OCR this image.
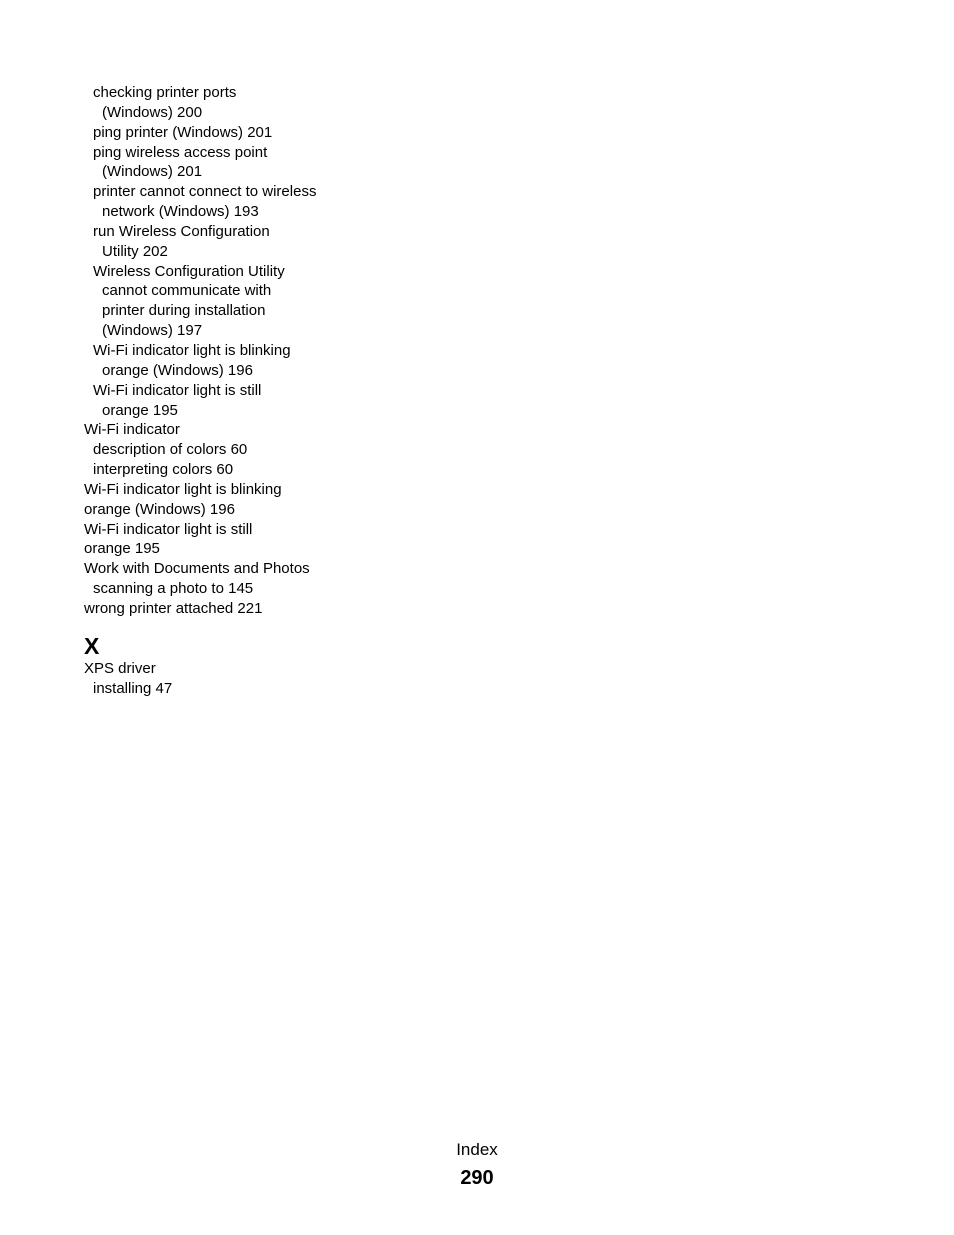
checking printer ports
(Windows) 200
ping printer (Windows) 201
ping wireless access point
(Windows) 201
printer cannot connect to wireless
network (Windows) 193
run Wireless Configuration
Utility 202
Wireless Configuration Utility
cannot communicate with
printer during installation
(Windows) 197
Wi-Fi indicator light is blinking
orange (Windows) 196
Wi-Fi indicator light is still
orange 195
Wi-Fi indicator
description of colors 60
interpreting colors 60
Wi-Fi indicator light is blinking
orange (Windows) 196
Wi-Fi indicator light is still
orange 195
Work with Documents and Photos
scanning a photo to 145
wrong printer attached 221
X
XPS driver
installing 47
Index
290
